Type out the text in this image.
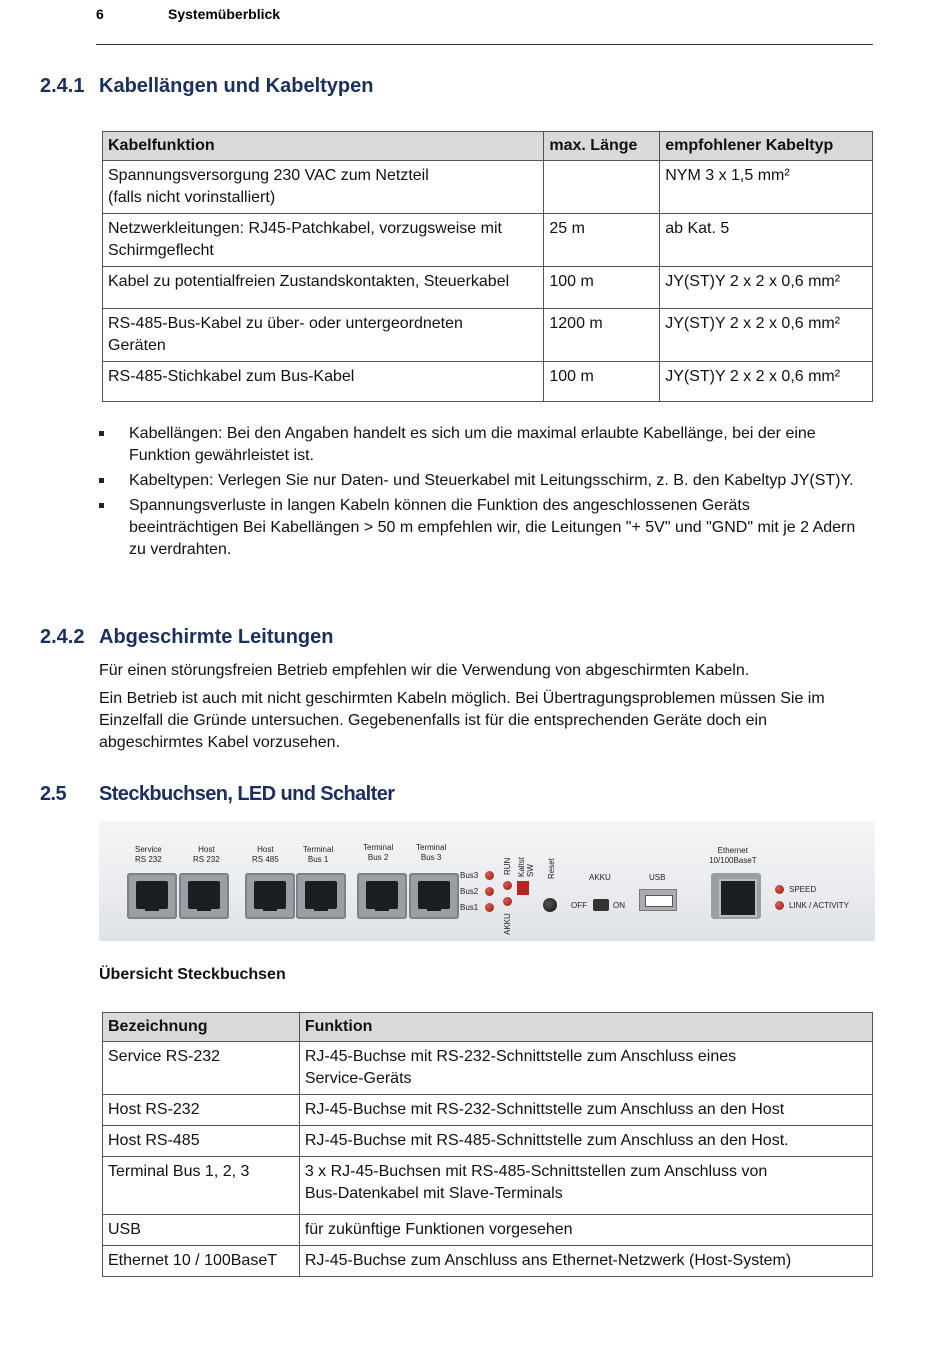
6	Systemüberblick
2.4.1 Kabellängen und Kabeltypen
Kabelfunktion	max. Länge	empfohlener Kabeltyp
Spannungsversorgung 230 VAC zum Netzteil
(falls nicht vorinstalliert)		NYM 3 x 1,5 mm²
Netzwerkleitungen: RJ45-Patchkabel, vorzugsweise mit
Schirmgeflecht	25 m	ab Kat. 5
Kabel zu potentialfreien Zustandskontakten, Steuerkabel	100 m	JY(ST)Y 2 x 2 x 0,6 mm²
RS-485-Bus-Kabel zu über- oder untergeordneten
Geräten	1200 m	JY(ST)Y 2 x 2 x 0,6 mm²
RS-485-Stichkabel zum Bus-Kabel	100 m	JY(ST)Y 2 x 2 x 0,6 mm²
Kabellängen: Bei den Angaben handelt es sich um die maximal erlaubte Kabellänge, bei der eine Funktion gewährleistet ist.
Kabeltypen: Verlegen Sie nur Daten- und Steuerkabel mit Leitungsschirm, z. B. den Kabeltyp JY(ST)Y.
Spannungsverluste in langen Kabeln können die Funktion des angeschlossenen Geräts beeinträchtigen Bei Kabellängen > 50 m empfehlen wir, die Leitungen "+ 5V" und "GND" mit je 2 Adern zu verdrahten.
2.4.2 Abgeschirmte Leitungen
Für einen störungsfreien Betrieb empfehlen wir die Verwendung von abgeschirmten Kabeln.
Ein Betrieb ist auch mit nicht geschirmten Kabeln möglich. Bei Übertragungsproblemen müssen Sie im Einzelfall die Gründe untersuchen. Gegebenenfalls ist für die entsprechenden Geräte doch ein abgeschirmtes Kabel vorzusehen.
2.5 Steckbuchsen, LED und Schalter
Service
RS 232
Host
RS 232
Host
RS 485
Terminal
Bus 1
Terminal
Bus 2
Terminal
Bus 3
Bus3
Bus2
Bus1
RUN Kaltst SW Reset
AKKU
AKKU
OFF	ON
USB
Ethernet
10/100BaseT
SPEED
LINK / ACTIVITY
Übersicht Steckbuchsen
Bezeichnung	Funktion
Service RS-232	RJ-45-Buchse mit RS-232-Schnittstelle zum Anschluss eines
Service-Geräts
Host RS-232	RJ-45-Buchse mit RS-232-Schnittstelle zum Anschluss an den Host
Host RS-485	RJ-45-Buchse mit RS-485-Schnittstelle zum Anschluss an den Host.
Terminal Bus 1, 2, 3	3 x RJ-45-Buchsen mit RS-485-Schnittstellen zum Anschluss von
Bus-Datenkabel mit Slave-Terminals
USB	für zukünftige Funktionen vorgesehen
Ethernet 10 / 100BaseT	RJ-45-Buchse zum Anschluss ans Ethernet-Netzwerk (Host-System)
